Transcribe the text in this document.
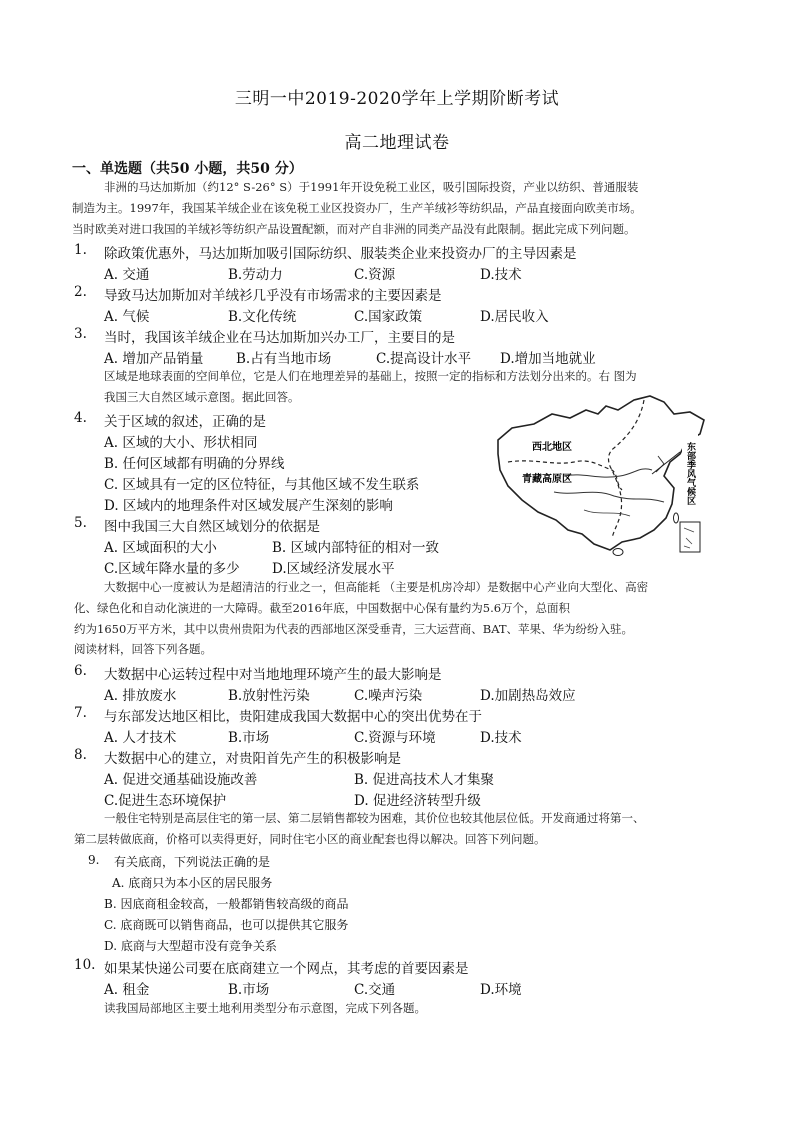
三明一中2019-2020学年上学期阶断考试
高二地理试卷
一、单选题（共50 小题，共50 分）
非洲的马达加斯加（约12° S-26° S）于1991年开设免税工业区，吸引国际投资，产业以纺织、普通服装
制造为主。1997年，我国某羊绒企业在该免税工业区投资办厂，生产羊绒衫等纺织品，产品直接面向欧美市场。
当时欧美对进口我国的羊绒衫等纺织产品设置配额，而对产自非洲的同类产品没有此限制。据此完成下列问题。
1. 除政策优惠外，马达加斯加吸引国际纺织、服装类企业来投资办厂的主导因素是
A. 交通	B.劳动力	C.资源	D.技术
2. 导致马达加斯加对羊绒衫几乎没有市场需求的主要因素是
A. 气候	B.文化传统	C.国家政策	D.居民收入
3. 当时，我国该羊绒企业在马达加斯加兴办工厂，主要目的是
A. 增加产品销量 B.占有当地市场	C.提高设计水平 D.增加当地就业
区域是地球表面的空间单位，它是人们在地理差异的基础上，按照一定的指标和方法划分出来的。右 图为
我国三大自然区域示意图。据此回答。
4. 关于区域的叙述，正确的是
A. 区域的大小、形状相同
B. 任何区域都有明确的分界线
C. 区域具有一定的区位特征，与其他区域不发生联系
D. 区域内的地理条件对区域发展产生深刻的影响
5. 图中我国三大自然区域划分的依据是
A. 区域面积的大小	B. 区域内部特征的相对一致
C.区域年降水量的多少 D.区域经济发展水平
西北地区
青藏高原区	东部季风气候区
大数据中心一度被认为是超清洁的行业之一，但高能耗 （主要是机房冷却）是数据中心产业向大型化、高密
化、绿色化和自动化演进的一大障碍。截至2016年底，中国数据中心保有量约为5.6万个，总面积
约为1650万平方米，其中以贵州贵阳为代表的西部地区深受垂青，三大运营商、BAT、苹果、华为纷纷入驻。
阅读材料，回答下列各题。
6. 大数据中心运转过程中对当地地理环境产生的最大影响是
A. 排放废水	B.放射性污染	C.噪声污染	D.加剧热岛效应
7. 与东部发达地区相比，贵阳建成我国大数据中心的突出优势在于
A. 人才技术	B.市场	C.资源与环境	D.技术
8. 大数据中心的建立，对贵阳首先产生的积极影响是
A. 促进交通基础设施改善	B. 促进高技术人才集聚
C.促进生态环境保护	D. 促进经济转型升级
一般住宅特别是高层住宅的第一层、第二层销售都较为困难，其价位也较其他层位低。开发商通过将第一、
第二层转做底商，价格可以卖得更好，同时住宅小区的商业配套也得以解决。回答下列问题。
9. 有关底商，下列说法正确的是
A. 底商只为本小区的居民服务
B. 因底商租金较高，一般都销售较高级的商品
C. 底商既可以销售商品，也可以提供其它服务
D. 底商与大型超市没有竞争关系
10. 如果某快递公司要在底商建立一个网点，其考虑的首要因素是
A. 租金	B.市场	C.交通	D.环境
读我国局部地区主要土地利用类型分布示意图，完成下列各题。
